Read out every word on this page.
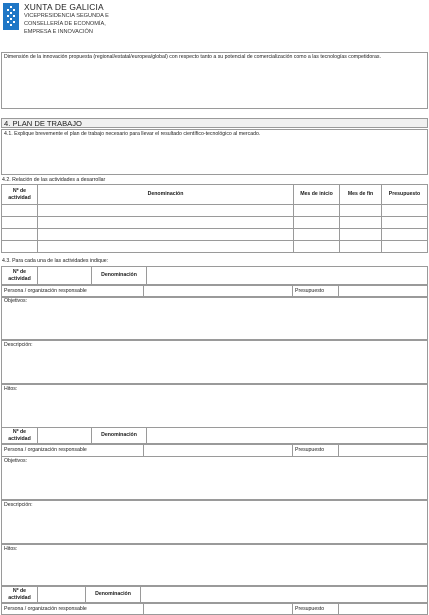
XUNTA DE GALICIA
VICEPRESIDENCIA SEGUNDA E
CONSELLERÍA DE ECONOMÍA,
EMPRESA E INNOVACIÓN
Dimensión de la innovación propuesta (regional/estatal/europea/global) con respecto tanto a su potencial de comercialización como a las tecnologías competidoras.
4. PLAN DE TRABAJO
4.1. Explique brevemente el plan de trabajo necesario para llevar el resultado científico-tecnológico al mercado.
4.2. Relación de las actividades a desarrollar
Nº de actividad	Denominación	Mes de inicio	Mes de fin	Presupuesto

4.3. Para cada una de las actividades indique:
Nº de actividad		Denominación	
Persona / organización responsable		Presupuesto	
Objetivos:
Descripción:
Hitos:
Nº de actividad		Denominación	
Persona / organización responsable		Presupuesto	
Objetivos:
Descripción:
Hitos:
Nº de actividad		Denominación	
Persona / organización responsable		Presupuesto	
